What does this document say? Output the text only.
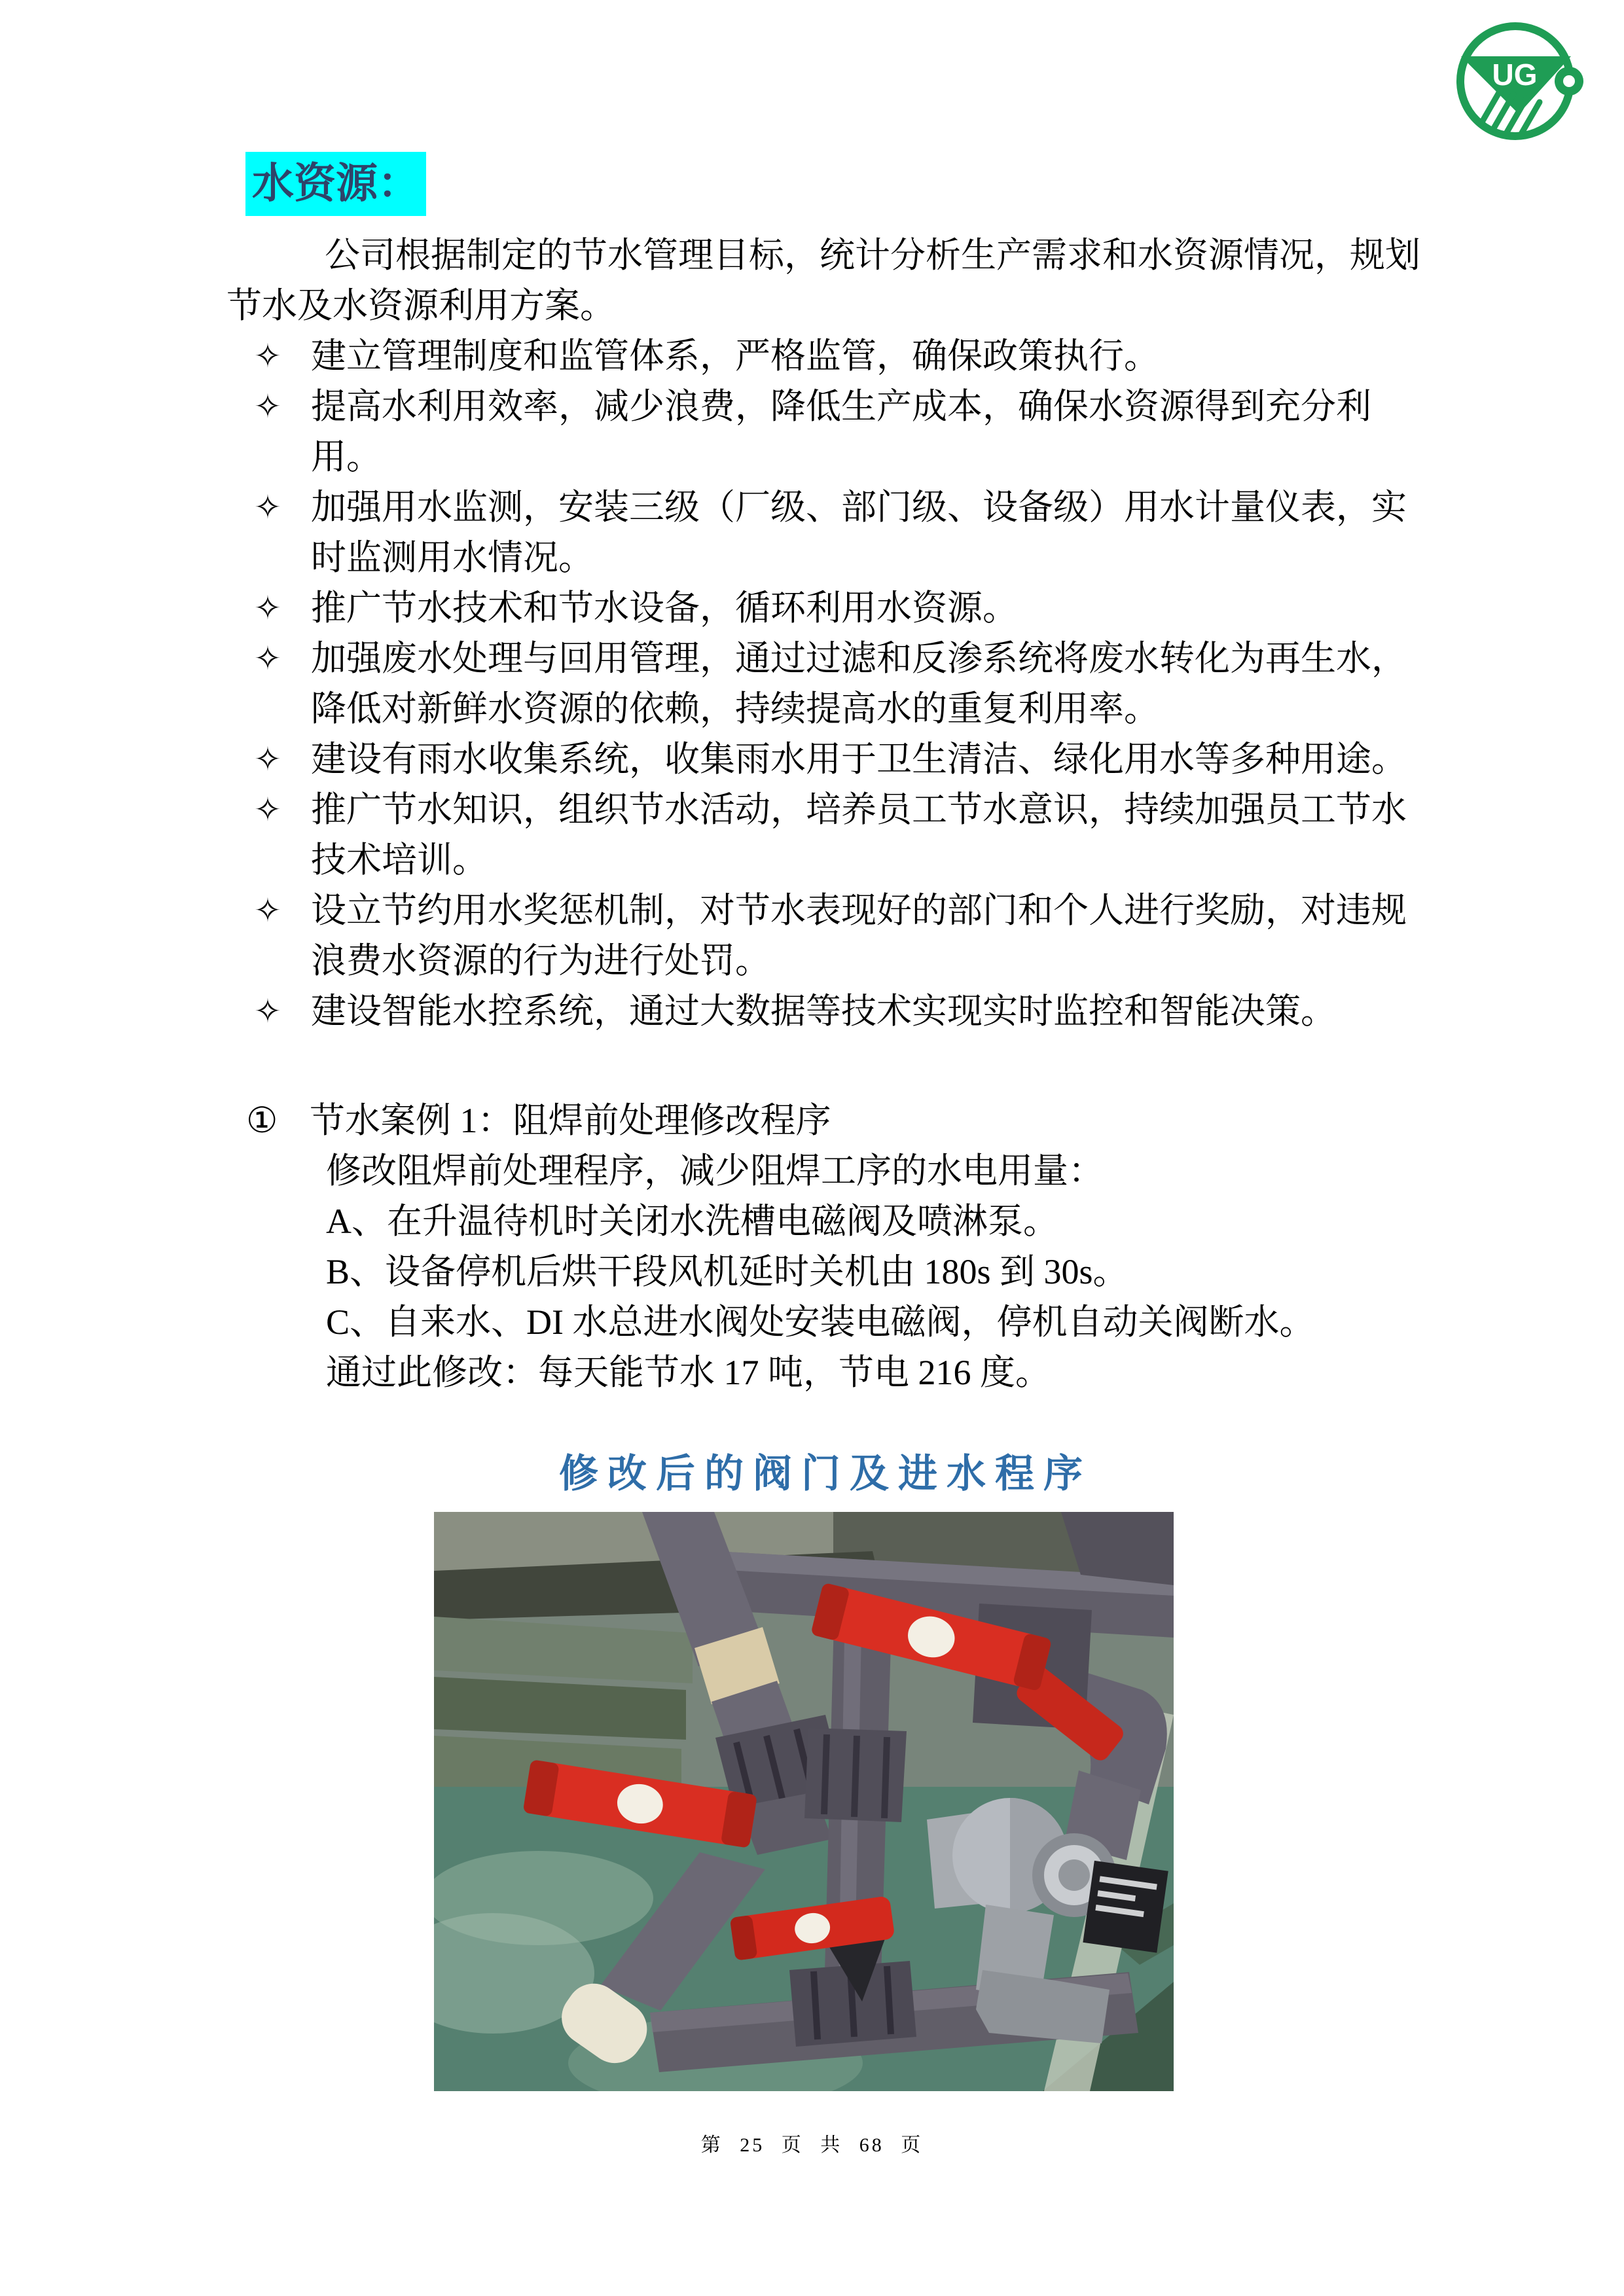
UG
水资源：

公司根据制定的节水管理目标，统计分析生产需求和水资源情况，规划节水及水资源利用方案。

✧ 建立管理制度和监管体系，严格监管，确保政策执行。
✧ 提高水利用效率，减少浪费，降低生产成本，确保水资源得到充分利用。
✧ 加强用水监测，安装三级（厂级、部门级、设备级）用水计量仪表，实时监测用水情况。
✧ 推广节水技术和节水设备，循环利用水资源。
✧ 加强废水处理与回用管理，通过过滤和反渗系统将废水转化为再生水，降低对新鲜水资源的依赖，持续提高水的重复利用率。
✧ 建设有雨水收集系统，收集雨水用于卫生清洁、绿化用水等多种用途。
✧ 推广节水知识，组织节水活动，培养员工节水意识，持续加强员工节水技术培训。
✧ 设立节约用水奖惩机制，对节水表现好的部门和个人进行奖励，对违规浪费水资源的行为进行处罚。
✧ 建设智能水控系统，通过大数据等技术实现实时监控和智能决策。
① 节水案例 1：阻焊前处理修改程序
修改阻焊前处理程序，减少阻焊工序的水电用量：
A、在升温待机时关闭水洗槽电磁阀及喷淋泵。
B、设备停机后烘干段风机延时关机由 180s 到 30s。
C、自来水、DI 水总进水阀处安装电磁阀，停机自动关阀断水。
通过此修改：每天能节水 17 吨，节电 216 度。
修改后的阀门及进水程序
第 25 页 共 68 页
